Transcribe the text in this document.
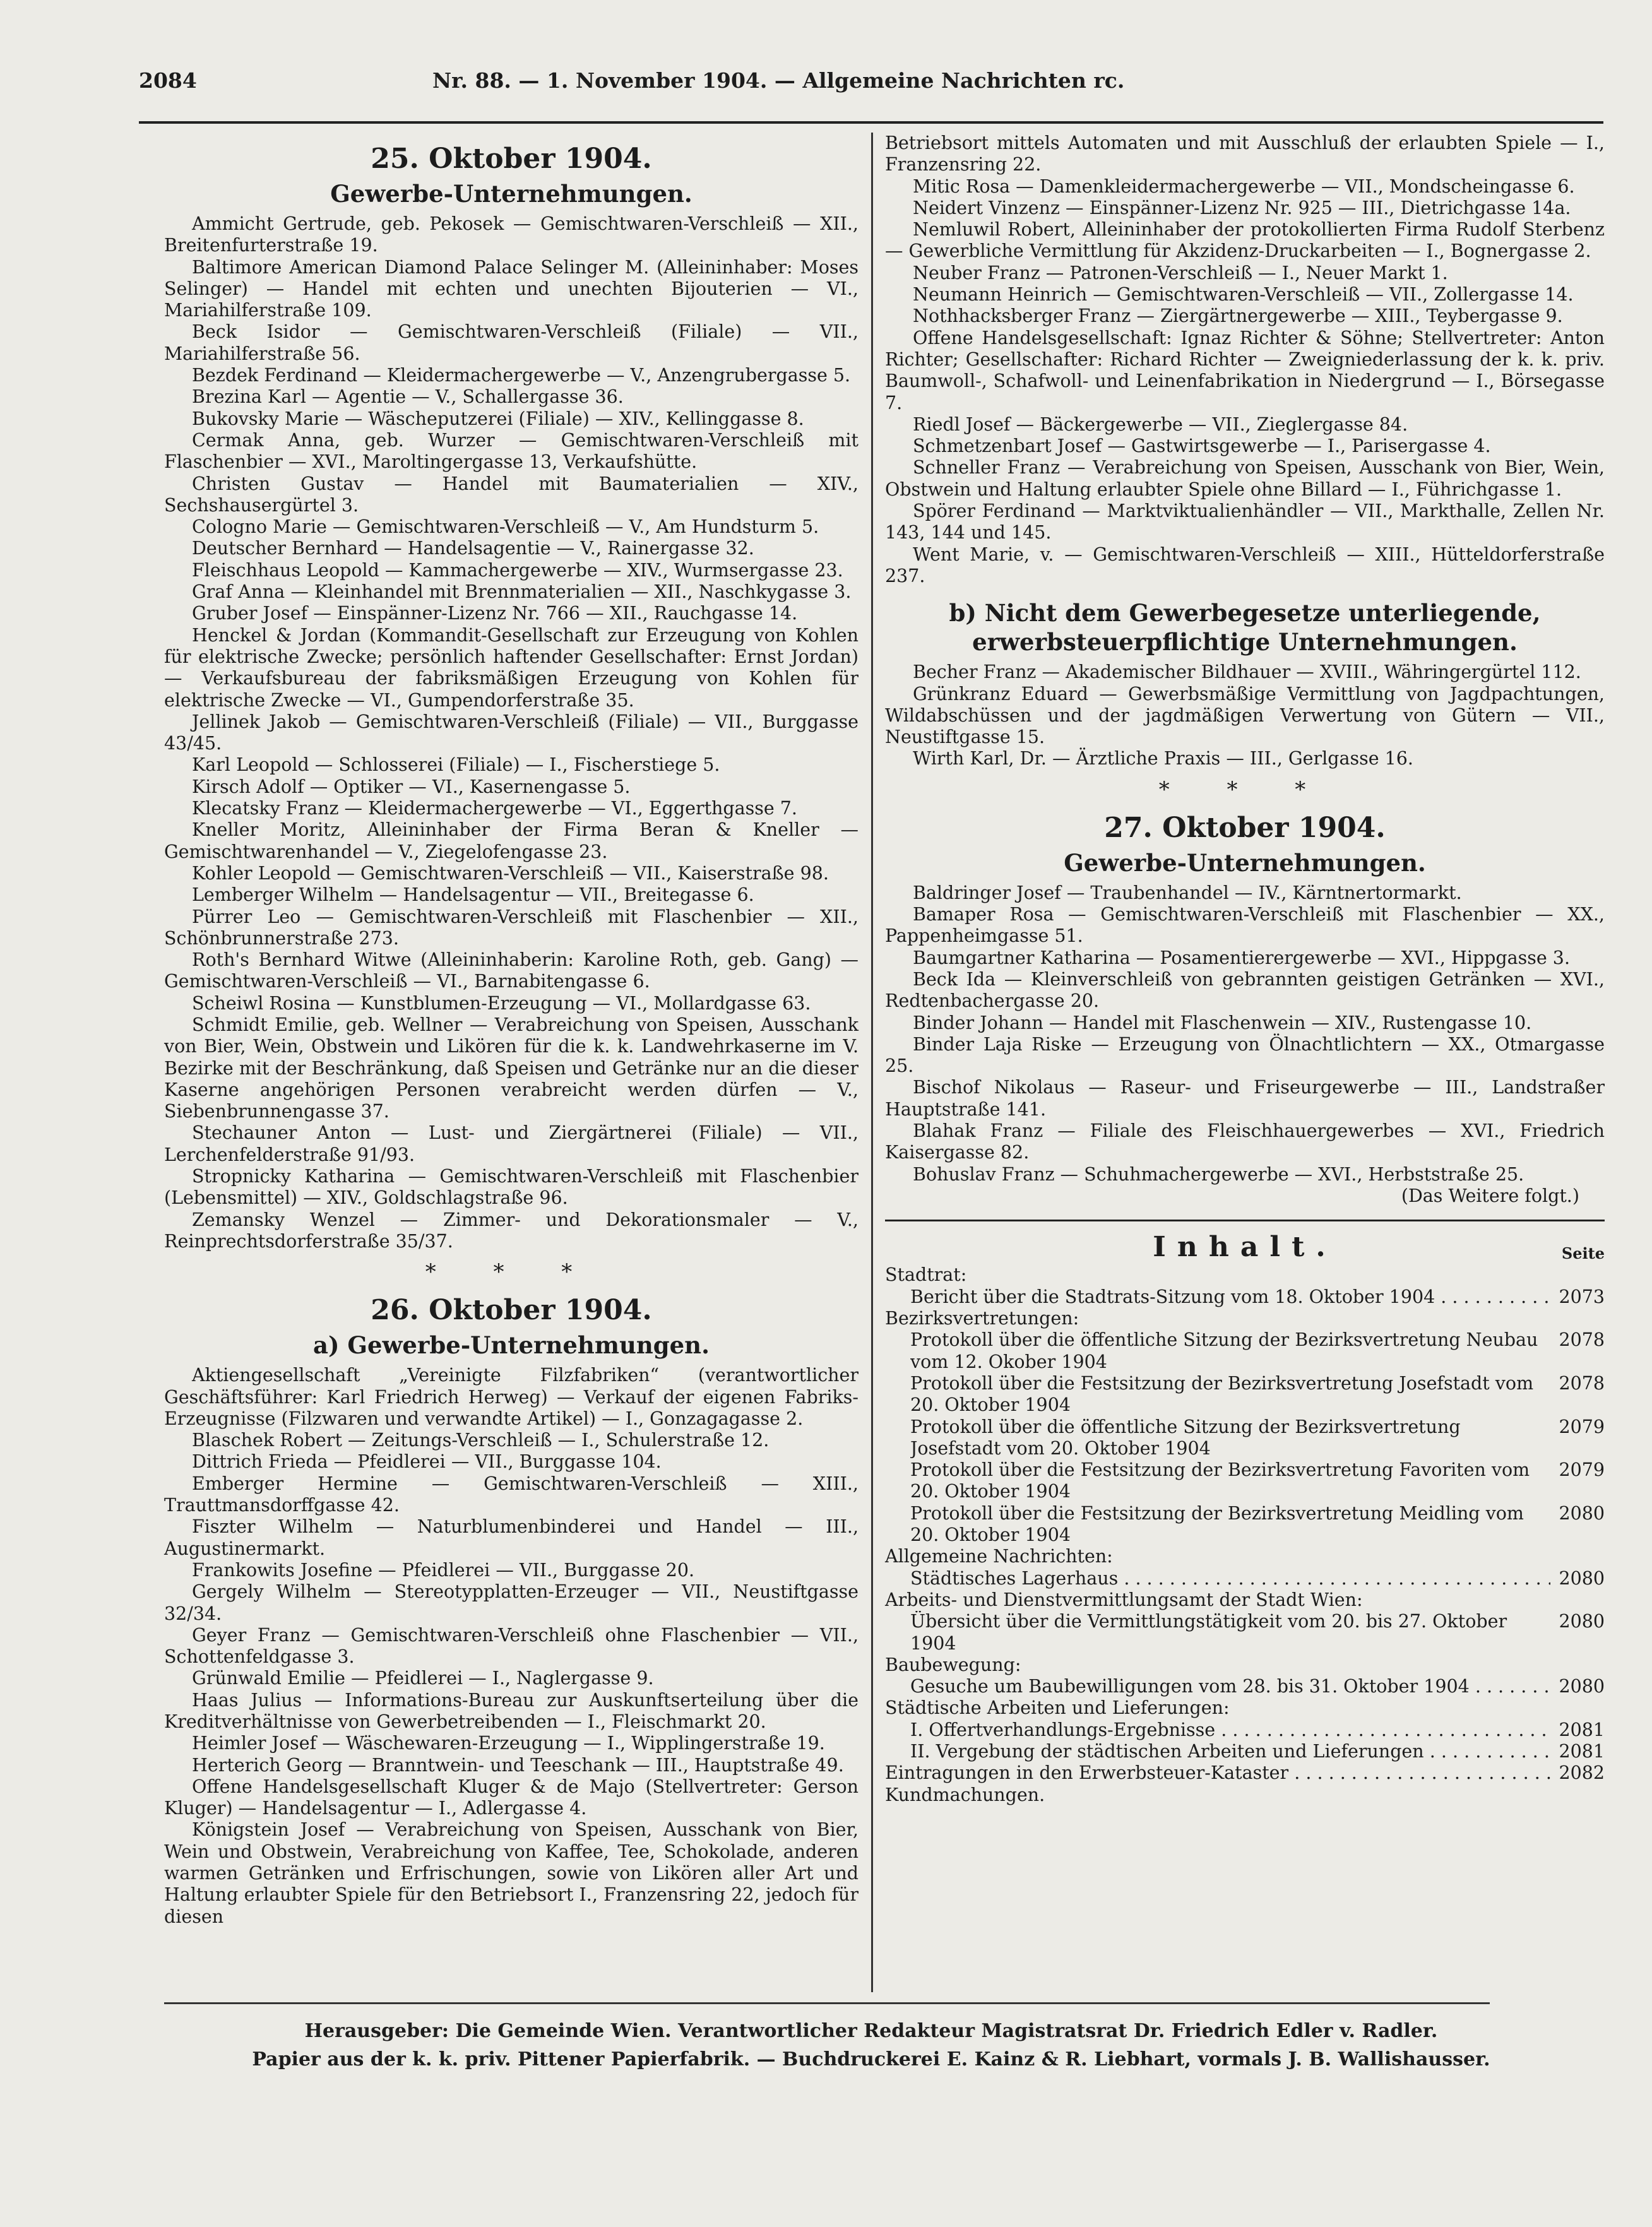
2084	Nr. 88. — 1. November 1904. — Allgemeine Nachrichten rc.
25. Oktober 1904.
Gewerbe-Unternehmungen.

Ammicht Gertrude, geb. Pekosek — Gemischtwaren-Verschleiß — XII., Breitenfurterstraße 19.

Baltimore American Diamond Palace Selinger M. (Alleininhaber: Moses Selinger) — Handel mit echten und unechten Bijouterien — VI., Mariahilferstraße 109.

Beck Isidor — Gemischtwaren-Verschleiß (Filiale) — VII., Mariahilferstraße 56.

Bezdek Ferdinand — Kleidermachergewerbe — V., Anzengrubergasse 5.

Brezina Karl — Agentie — V., Schallergasse 36.

Bukovsky Marie — Wäscheputzerei (Filiale) — XIV., Kellinggasse 8.

Cermak Anna, geb. Wurzer — Gemischtwaren-Verschleiß mit Flaschenbier — XVI., Maroltingergasse 13, Verkaufshütte.

Christen Gustav — Handel mit Baumaterialien — XIV., Sechshausergürtel 3.

Cologno Marie — Gemischtwaren-Verschleiß — V., Am Hundsturm 5.

Deutscher Bernhard — Handelsagentie — V., Rainergasse 32.

Fleischhaus Leopold — Kammachergewerbe — XIV., Wurmsergasse 23.

Graf Anna — Kleinhandel mit Brennmaterialien — XII., Naschkygasse 3.

Gruber Josef — Einspänner-Lizenz Nr. 766 — XII., Rauchgasse 14.

Henckel & Jordan (Kommandit-Gesellschaft zur Erzeugung von Kohlen für elektrische Zwecke; persönlich haftender Gesellschafter: Ernst Jordan) — Verkaufsbureau der fabriksmäßigen Erzeugung von Kohlen für elektrische Zwecke — VI., Gumpendorferstraße 35.

Jellinek Jakob — Gemischtwaren-Verschleiß (Filiale) — VII., Burggasse 43/45.

Karl Leopold — Schlosserei (Filiale) — I., Fischerstiege 5.

Kirsch Adolf — Optiker — VI., Kasernengasse 5.

Klecatsky Franz — Kleidermachergewerbe — VI., Eggerthgasse 7.

Kneller Moritz, Alleininhaber der Firma Beran & Kneller — Gemischtwarenhandel — V., Ziegelofengasse 23.

Kohler Leopold — Gemischtwaren-Verschleiß — VII., Kaiserstraße 98.

Lemberger Wilhelm — Handelsagentur — VII., Breitegasse 6.

Pürrer Leo — Gemischtwaren-Verschleiß mit Flaschenbier — XII., Schönbrunnerstraße 273.

Roth's Bernhard Witwe (Alleininhaberin: Karoline Roth, geb. Gang) — Gemischtwaren-Verschleiß — VI., Barnabitengasse 6.

Scheiwl Rosina — Kunstblumen-Erzeugung — VI., Mollardgasse 63.

Schmidt Emilie, geb. Wellner — Verabreichung von Speisen, Ausschank von Bier, Wein, Obstwein und Likören für die k. k. Landwehrkaserne im V. Bezirke mit der Beschränkung, daß Speisen und Getränke nur an die dieser Kaserne angehörigen Personen verabreicht werden dürfen — V., Siebenbrunnengasse 37.

Stechauner Anton — Lust- und Ziergärtnerei (Filiale) — VII., Lerchenfelderstraße 91/93.

Stropnicky Katharina — Gemischtwaren-Verschleiß mit Flaschenbier (Lebensmittel) — XIV., Goldschlagstraße 96.

Zemansky Wenzel — Zimmer- und Dekorationsmaler — V., Reinprechtsdorferstraße 35/37.

* * *
26. Oktober 1904.
a) Gewerbe-Unternehmungen.

Aktiengesellschaft „Vereinigte Filzfabriken“ (verantwortlicher Geschäftsführer: Karl Friedrich Herweg) — Verkauf der eigenen Fabriks-Erzeugnisse (Filzwaren und verwandte Artikel) — I., Gonzagagasse 2.

Blaschek Robert — Zeitungs-Verschleiß — I., Schulerstraße 12.

Dittrich Frieda — Pfeidlerei — VII., Burggasse 104.

Emberger Hermine — Gemischtwaren-Verschleiß — XIII., Trauttmansdorffgasse 42.

Fiszter Wilhelm — Naturblumenbinderei und Handel — III., Augustinermarkt.

Frankowits Josefine — Pfeidlerei — VII., Burggasse 20.

Gergely Wilhelm — Stereotypplatten-Erzeuger — VII., Neustiftgasse 32/34.

Geyer Franz — Gemischtwaren-Verschleiß ohne Flaschenbier — VII., Schottenfeldgasse 3.

Grünwald Emilie — Pfeidlerei — I., Naglergasse 9.

Haas Julius — Informations-Bureau zur Auskunftserteilung über die Kreditverhältnisse von Gewerbetreibenden — I., Fleischmarkt 20.

Heimler Josef — Wäschewaren-Erzeugung — I., Wipplingerstraße 19.

Herterich Georg — Branntwein- und Teeschank — III., Hauptstraße 49.

Offene Handelsgesellschaft Kluger & de Majo (Stellvertreter: Gerson Kluger) — Handelsagentur — I., Adlergasse 4.

Königstein Josef — Verabreichung von Speisen, Ausschank von Bier, Wein und Obstwein, Verabreichung von Kaffee, Tee, Schokolade, anderen warmen Getränken und Erfrischungen, sowie von Likören aller Art und Haltung erlaubter Spiele für den Betriebsort I., Franzensring 22, jedoch für diesen

Betriebsort mittels Automaten und mit Ausschluß der erlaubten Spiele — I., Franzensring 22.

Mitic Rosa — Damenkleidermachergewerbe — VII., Mondscheingasse 6.

Neidert Vinzenz — Einspänner-Lizenz Nr. 925 — III., Dietrichgasse 14a.

Nemluwil Robert, Alleininhaber der protokollierten Firma Rudolf Sterbenz — Gewerbliche Vermittlung für Akzidenz-Druckarbeiten — I., Bognergasse 2.

Neuber Franz — Patronen-Verschleiß — I., Neuer Markt 1.

Neumann Heinrich — Gemischtwaren-Verschleiß — VII., Zollergasse 14.

Nothhacksberger Franz — Ziergärtnergewerbe — XIII., Teybergasse 9.

Offene Handelsgesellschaft: Ignaz Richter & Söhne; Stellvertreter: Anton Richter; Gesellschafter: Richard Richter — Zweigniederlassung der k. k. priv. Baumwoll-, Schafwoll- und Leinenfabrikation in Niedergrund — I., Börsegasse 7.

Riedl Josef — Bäckergewerbe — VII., Zieglergasse 84.

Schmetzenbart Josef — Gastwirtsgewerbe — I., Parisergasse 4.

Schneller Franz — Verabreichung von Speisen, Ausschank von Bier, Wein, Obstwein und Haltung erlaubter Spiele ohne Billard — I., Führichgasse 1.

Spörer Ferdinand — Marktviktualienhändler — VII., Markthalle, Zellen Nr. 143, 144 und 145.

Went Marie, v. — Gemischtwaren-Verschleiß — XIII., Hütteldorferstraße 237.

b) Nicht dem Gewerbegesetze unterliegende, erwerbsteuerpflichtige Unternehmungen.

Becher Franz — Akademischer Bildhauer — XVIII., Währingergürtel 112.

Grünkranz Eduard — Gewerbsmäßige Vermittlung von Jagdpachtungen, Wildabschüssen und der jagdmäßigen Verwertung von Gütern — VII., Neustiftgasse 15.

Wirth Karl, Dr. — Ärztliche Praxis — III., Gerlgasse 16.

* * *
27. Oktober 1904.
Gewerbe-Unternehmungen.

Baldringer Josef — Traubenhandel — IV., Kärntnertormarkt.

Bamaper Rosa — Gemischtwaren-Verschleiß mit Flaschenbier — XX., Pappenheimgasse 51.

Baumgartner Katharina — Posamentierergewerbe — XVI., Hippgasse 3.

Beck Ida — Kleinverschleiß von gebrannten geistigen Getränken — XVI., Redtenbachergasse 20.

Binder Johann — Handel mit Flaschenwein — XIV., Rustengasse 10.

Binder Laja Riske — Erzeugung von Ölnachtlichtern — XX., Otmargasse 25.

Bischof Nikolaus — Raseur- und Friseurgewerbe — III., Landstraßer Hauptstraße 141.

Blahak Franz — Filiale des Fleischhauergewerbes — XVI., Friedrich Kaisergasse 82.

Bohuslav Franz — Schuhmachergewerbe — XVI., Herbststraße 25.

(Das Weitere folgt.)

Inhalt.	Seite

Stadtrat:

Bericht über die Stadtrats-Sitzung vom 18. Oktober 1904 . . .	2073

Bezirksvertretungen:

Protokoll über die öffentliche Sitzung der Bezirksvertretung Neubau vom 12. Okober 1904
2078
Protokoll über die Festsitzung der Bezirksvertretung Josefstadt vom 20. Oktober 1904
2078
Protokoll über die öffentliche Sitzung der Bezirksvertretung Josefstadt vom 20. Oktober 1904
2079
Protokoll über die Festsitzung der Bezirksvertretung Favoriten vom 20. Oktober 1904
2079
Protokoll über die Festsitzung der Bezirksvertretung Meidling vom 20. Oktober 1904
2080

Allgemeine Nachrichten:

Städtisches Lagerhaus . . .	2080

Arbeits- und Dienstvermittlungsamt der Stadt Wien:

Übersicht über die Vermittlungstätigkeit vom 20. bis 27. Oktober 1904
2080

Baubewegung:

Gesuche um Baubewilligungen vom 28. bis 31. Oktober 1904 . . .	2080

Städtische Arbeiten und Lieferungen:

I. Offertverhandlungs-Ergebnisse . . .	2081
II. Vergebung der städtischen Arbeiten und Lieferungen . . .	2081
Eintragungen in den Erwerbsteuer-Kataster . . .	2082

Kundmachungen.

Herausgeber: Die Gemeinde Wien. Verantwortlicher Redakteur Magistratsrat Dr. Friedrich Edler v. Radler.
Papier aus der k. k. priv. Pittener Papierfabrik. — Buchdruckerei E. Kainz & R. Liebhart, vormals J. B. Wallishausser.
